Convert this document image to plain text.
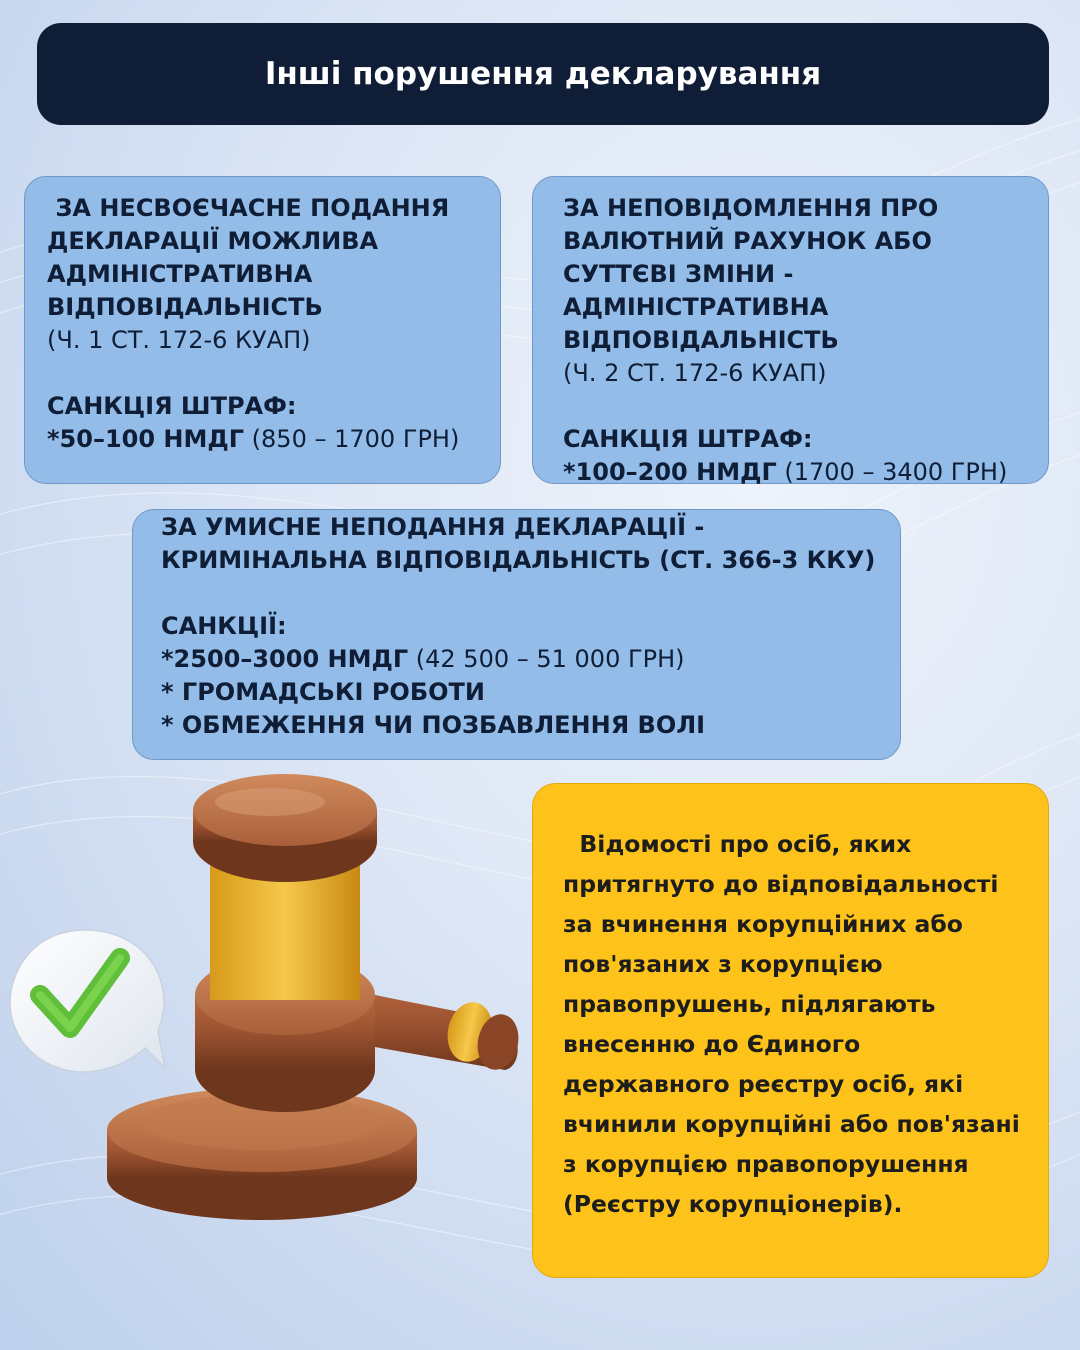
Інші порушення декларування
ЗА НЕСВОЄЧАСНЕ ПОДАННЯ
ДЕКЛАРАЦІЇ МОЖЛИВА
АДМІНІСТРАТИВНА
ВІДПОВІДАЛЬНІСТЬ
(Ч. 1 СТ. 172-6 КУАП)
САНКЦІЯ ШТРАФ:
*50–100 НМДГ (850 – 1700 ГРН)
ЗА НЕПОВІДОМЛЕННЯ ПРО
ВАЛЮТНИЙ РАХУНОК АБО
СУТТЄВІ ЗМІНИ -
АДМІНІСТРАТИВНА
ВІДПОВІДАЛЬНІСТЬ
(Ч. 2 СТ. 172-6 КУАП)
САНКЦІЯ ШТРАФ:
*100–200 НМДГ (1700 – 3400 ГРН)
ЗА УМИСНЕ НЕПОДАННЯ ДЕКЛАРАЦІЇ -
КРИМІНАЛЬНА ВІДПОВІДАЛЬНІСТЬ (СТ. 366-3 ККУ)
САНКЦІЇ:
*2500–3000 НМДГ (42 500 – 51 000 ГРН)
* ГРОМАДСЬКІ РОБОТИ
* ОБМЕЖЕННЯ ЧИ ПОЗБАВЛЕННЯ ВОЛІ
Відомості про осіб, яких
притягнуто до відповідальності
за вчинення корупційних або
пов'язаних з корупцією
правопрушень, підлягають
внесенню до Єдиного
державного реєстру осіб, які
вчинили корупційні або пов'язані
з корупцією правопорушення
(Реєстру корупціонерів).
